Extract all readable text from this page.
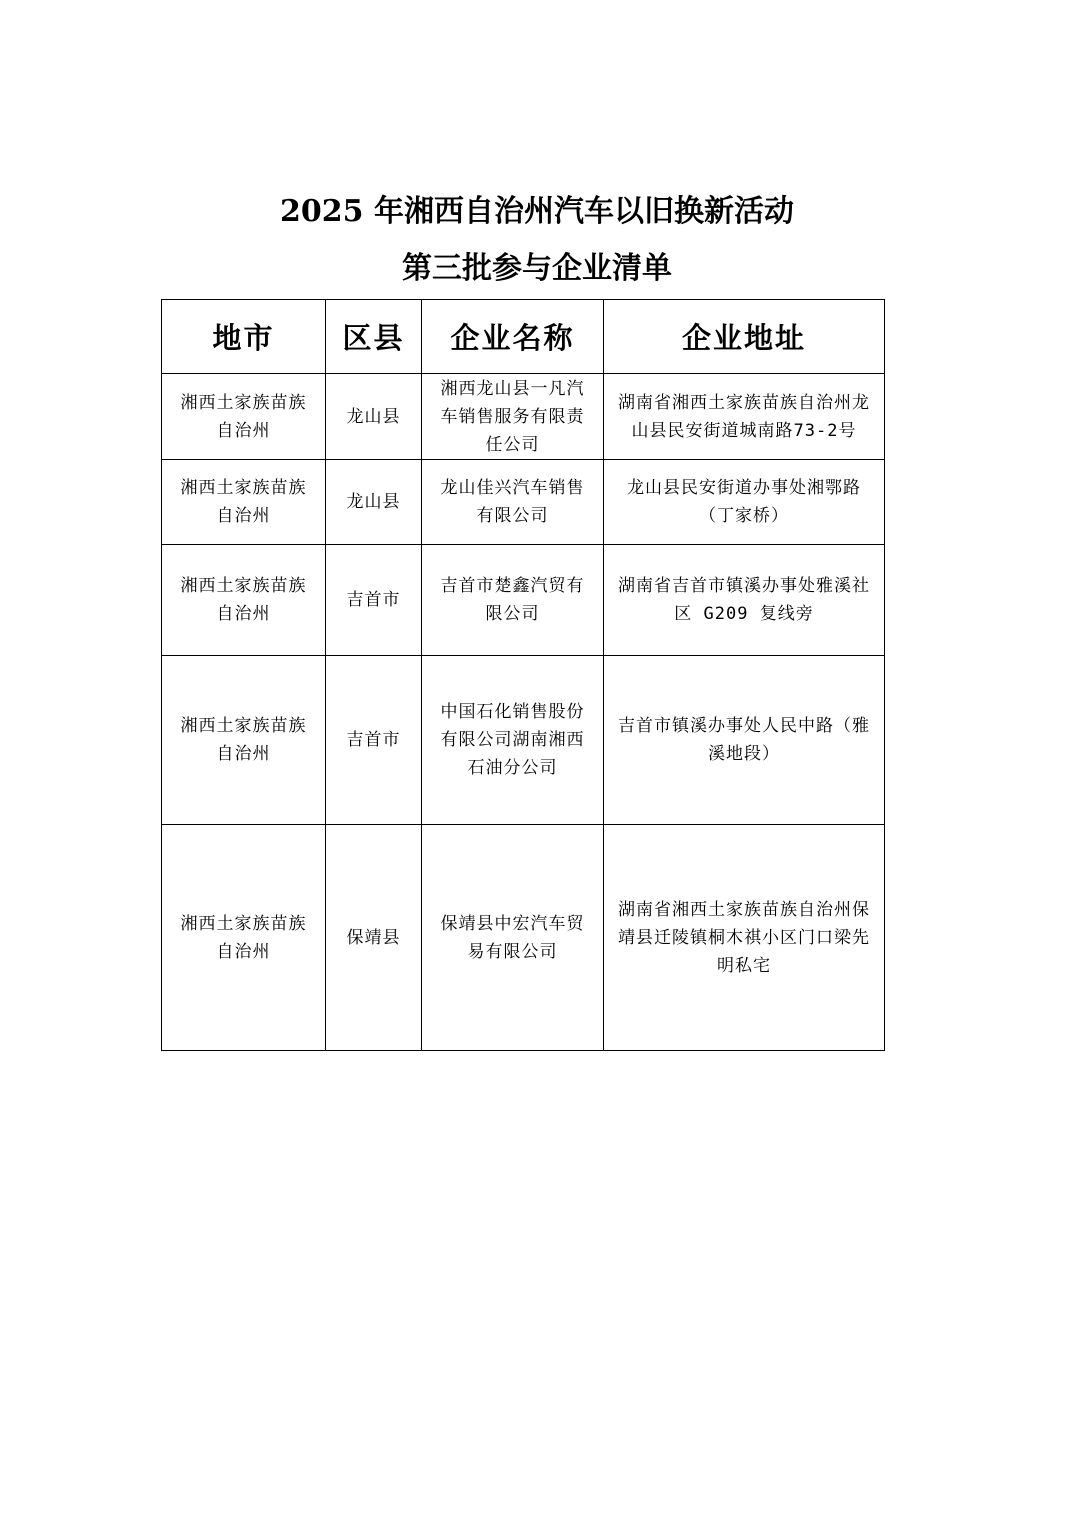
2025 年湘西自治州汽车以旧换新活动
第三批参与企业清单
地市	区县	企业名称	企业地址
湘西土家族苗族自治州	龙山县	湘西龙山县一凡汽车销售服务有限责任公司	湖南省湘西土家族苗族自治州龙山县民安街道城南路73-2号
湘西土家族苗族自治州	龙山县	龙山佳兴汽车销售有限公司	龙山县民安街道办事处湘鄂路（丁家桥）
湘西土家族苗族自治州	吉首市	吉首市楚鑫汽贸有限公司	湖南省吉首市镇溪办事处雅溪社区 G209 复线旁
湘西土家族苗族自治州	吉首市	中国石化销售股份有限公司湖南湘西石油分公司	吉首市镇溪办事处人民中路（雅溪地段）
湘西土家族苗族自治州	保靖县	保靖县中宏汽车贸易有限公司	湖南省湘西土家族苗族自治州保靖县迁陵镇桐木祺小区门口梁先明私宅
